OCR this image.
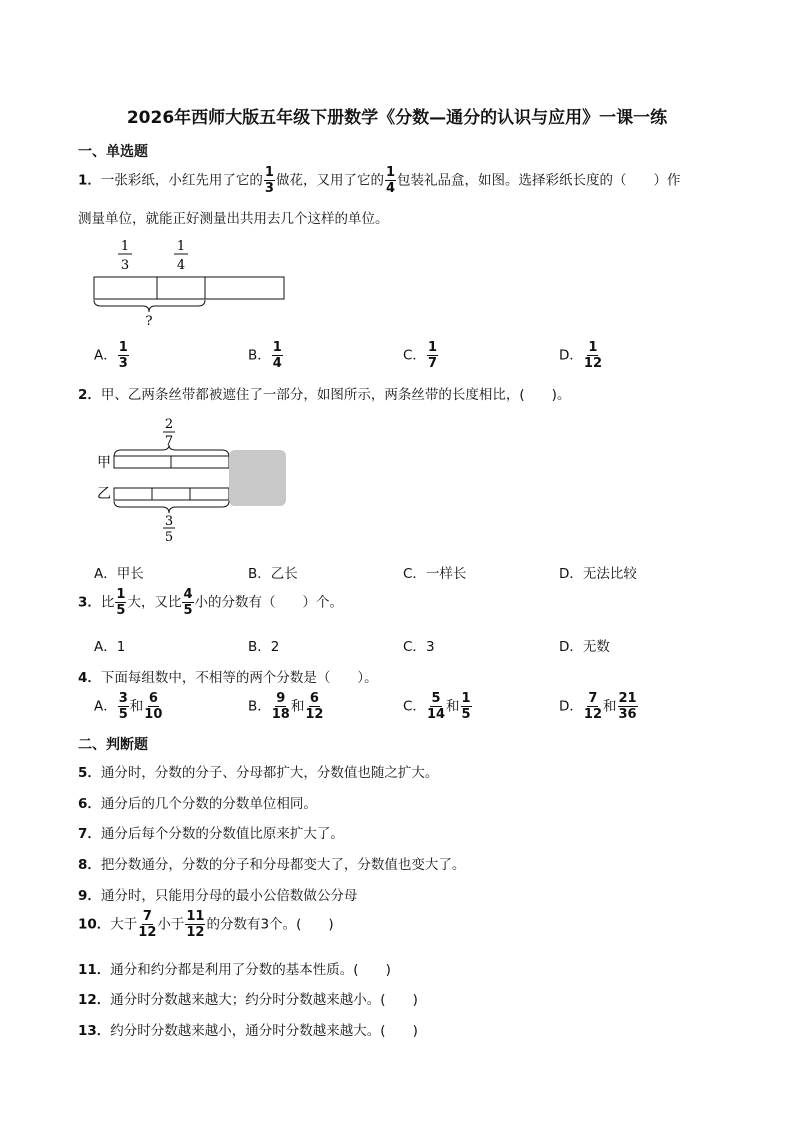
2026年西师大版五年级下册数学《分数—通分的认识与应用》一课一练
一、单选题
1．一张彩纸，小红先用了它的 $\frac{1}{3}$ 做花，又用了它的 $\frac{1}{4}$ 包装礼品盒，如图。选择彩纸长度的（　　）作
测量单位，就能正好测量出共用去几个这样的单位。
1
3
1
4
?
A． $\frac{1}{3}$	B． $\frac{1}{4}$	C． $\frac{1}{7}$	D． $\frac{1}{12}$
2．甲、乙两条丝带都被遮住了一部分，如图所示，两条丝带的长度相比，(　　)。
2
7
甲
乙
3
5
A．甲长	B．乙长	C．一样长	D．无法比较
3．比 $\frac{1}{5}$ 大，又比 $\frac{4}{5}$ 小的分数有（　　）个。
A．1	B．2	C．3	D．无数
4．下面每组数中，不相等的两个分数是（　　）。
A． $\frac{3}{5}$ 和 $\frac{6}{10}$	B． $\frac{9}{18}$ 和 $\frac{6}{12}$	C． $\frac{5}{14}$ 和 $\frac{1}{5}$	D． $\frac{7}{12}$ 和 $\frac{21}{36}$
二、判断题
5．通分时，分数的分子、分母都扩大，分数值也随之扩大。
6．通分后的几个分数的分数单位相同。
7．通分后每个分数的分数值比原来扩大了。
8．把分数通分，分数的分子和分母都变大了，分数值也变大了。
9．通分时，只能用分母的最小公倍数做公分母
10．大于 $\frac{7}{12}$ 小于 $\frac{11}{12}$ 的分数有3个。(　　)
11．通分和约分都是利用了分数的基本性质。(　　)
12．通分时分数越来越大；约分时分数越来越小。(　　)
13．约分时分数越来越小，通分时分数越来越大。(　　)
